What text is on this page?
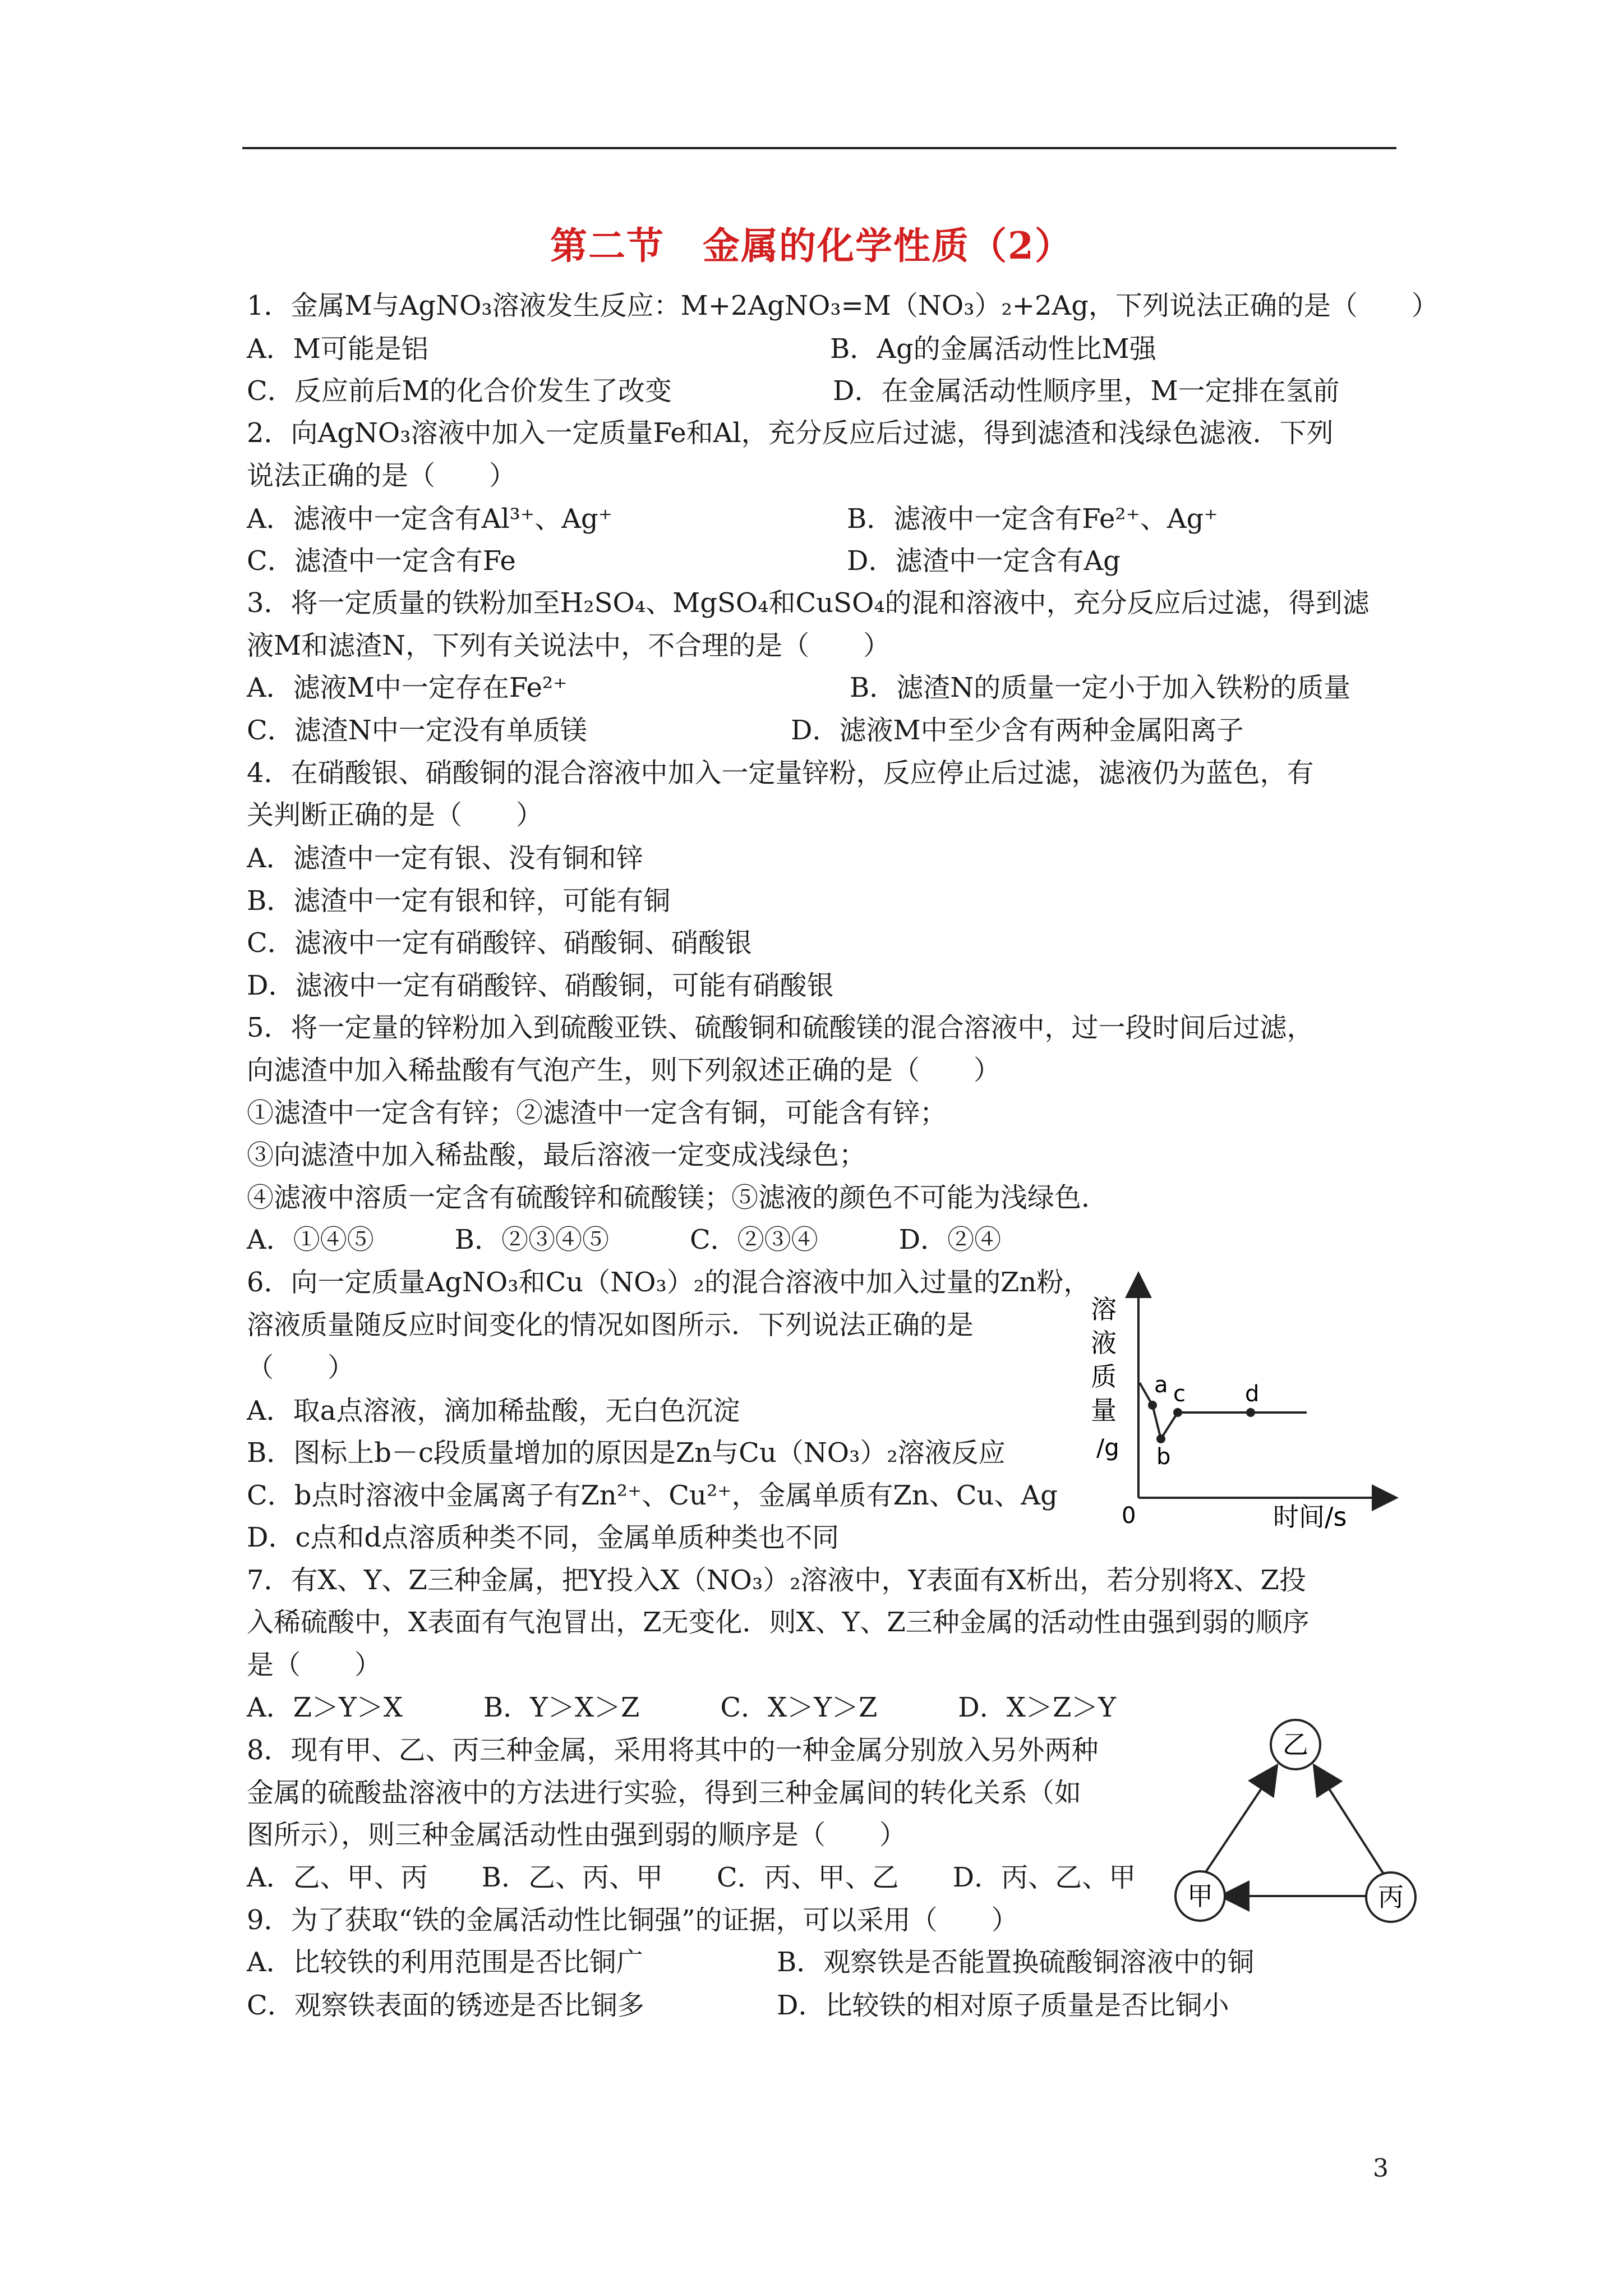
第二节　金属的化学性质（2）
1．金属M与AgNO₃溶液发生反应：M+2AgNO₃=M（NO₃）₂+2Ag，下列说法正确的是（　　）
A．M可能是铝	B．Ag的金属活动性比M强
C．反应前后M的化合价发生了改变	D．在金属活动性顺序里，M一定排在氢前
2．向AgNO₃溶液中加入一定质量Fe和Al，充分反应后过滤，得到滤渣和浅绿色滤液．下列
说法正确的是（　　）
A．滤液中一定含有Al³⁺、Ag⁺	B．滤液中一定含有Fe²⁺、Ag⁺
C．滤渣中一定含有Fe	D．滤渣中一定含有Ag
3．将一定质量的铁粉加至H₂SO₄、MgSO₄和CuSO₄的混和溶液中，充分反应后过滤，得到滤
液M和滤渣N，下列有关说法中，不合理的是（　　）
A．滤液M中一定存在Fe²⁺	B．滤渣N的质量一定小于加入铁粉的质量
C．滤渣N中一定没有单质镁	D．滤液M中至少含有两种金属阳离子
4．在硝酸银、硝酸铜的混合溶液中加入一定量锌粉，反应停止后过滤，滤液仍为蓝色，有
关判断正确的是（　　）
A．滤渣中一定有银、没有铜和锌
B．滤渣中一定有银和锌，可能有铜
C．滤液中一定有硝酸锌、硝酸铜、硝酸银
D．滤液中一定有硝酸锌、硝酸铜，可能有硝酸银
5．将一定量的锌粉加入到硫酸亚铁、硫酸铜和硫酸镁的混合溶液中，过一段时间后过滤，
向滤渣中加入稀盐酸有气泡产生，则下列叙述正确的是（　　）
①滤渣中一定含有锌；②滤渣中一定含有铜，可能含有锌；
③向滤渣中加入稀盐酸，最后溶液一定变成浅绿色；
④滤液中溶质一定含有硫酸锌和硫酸镁；⑤滤液的颜色不可能为浅绿色．
A．①④⑤　　　B．②③④⑤　　　C．②③④　　　D．②④
6．向一定质量AgNO₃和Cu（NO₃）₂的混合溶液中加入过量的Zn粉，
溶液质量随反应时间变化的情况如图所示．下列说法正确的是
（　　）
A．取a点溶液，滴加稀盐酸，无白色沉淀
B．图标上b－c段质量增加的原因是Zn与Cu（NO₃）₂溶液反应
C．b点时溶液中金属离子有Zn²⁺、Cu²⁺，金属单质有Zn、Cu、Ag
D．c点和d点溶质种类不同，金属单质种类也不同
7．有X、Y、Z三种金属，把Y投入X（NO₃）₂溶液中，Y表面有X析出，若分别将X、Z投
入稀硫酸中，X表面有气泡冒出，Z无变化．则X、Y、Z三种金属的活动性由强到弱的顺序
是（　　）
A．Z＞Y＞X　　　B．Y＞X＞Z　　　C．X＞Y＞Z　　　D．X＞Z＞Y
8．现有甲、乙、丙三种金属，采用将其中的一种金属分别放入另外两种
金属的硫酸盐溶液中的方法进行实验，得到三种金属间的转化关系（如
图所示），则三种金属活动性由强到弱的顺序是（　　）
A．乙、甲、丙　　B．乙、丙、甲　　C．丙、甲、乙　　D．丙、乙、甲
9．为了获取“铁的金属活动性比铜强”的证据，可以采用（　　）
A．比较铁的利用范围是否比铜广	B．观察铁是否能置换硫酸铜溶液中的铜
C．观察铁表面的锈迹是否比铜多	D．比较铁的相对原子质量是否比铜小
溶
液
质
量
/g
0	时间/s
a
b
c	d
乙
甲	丙
3
